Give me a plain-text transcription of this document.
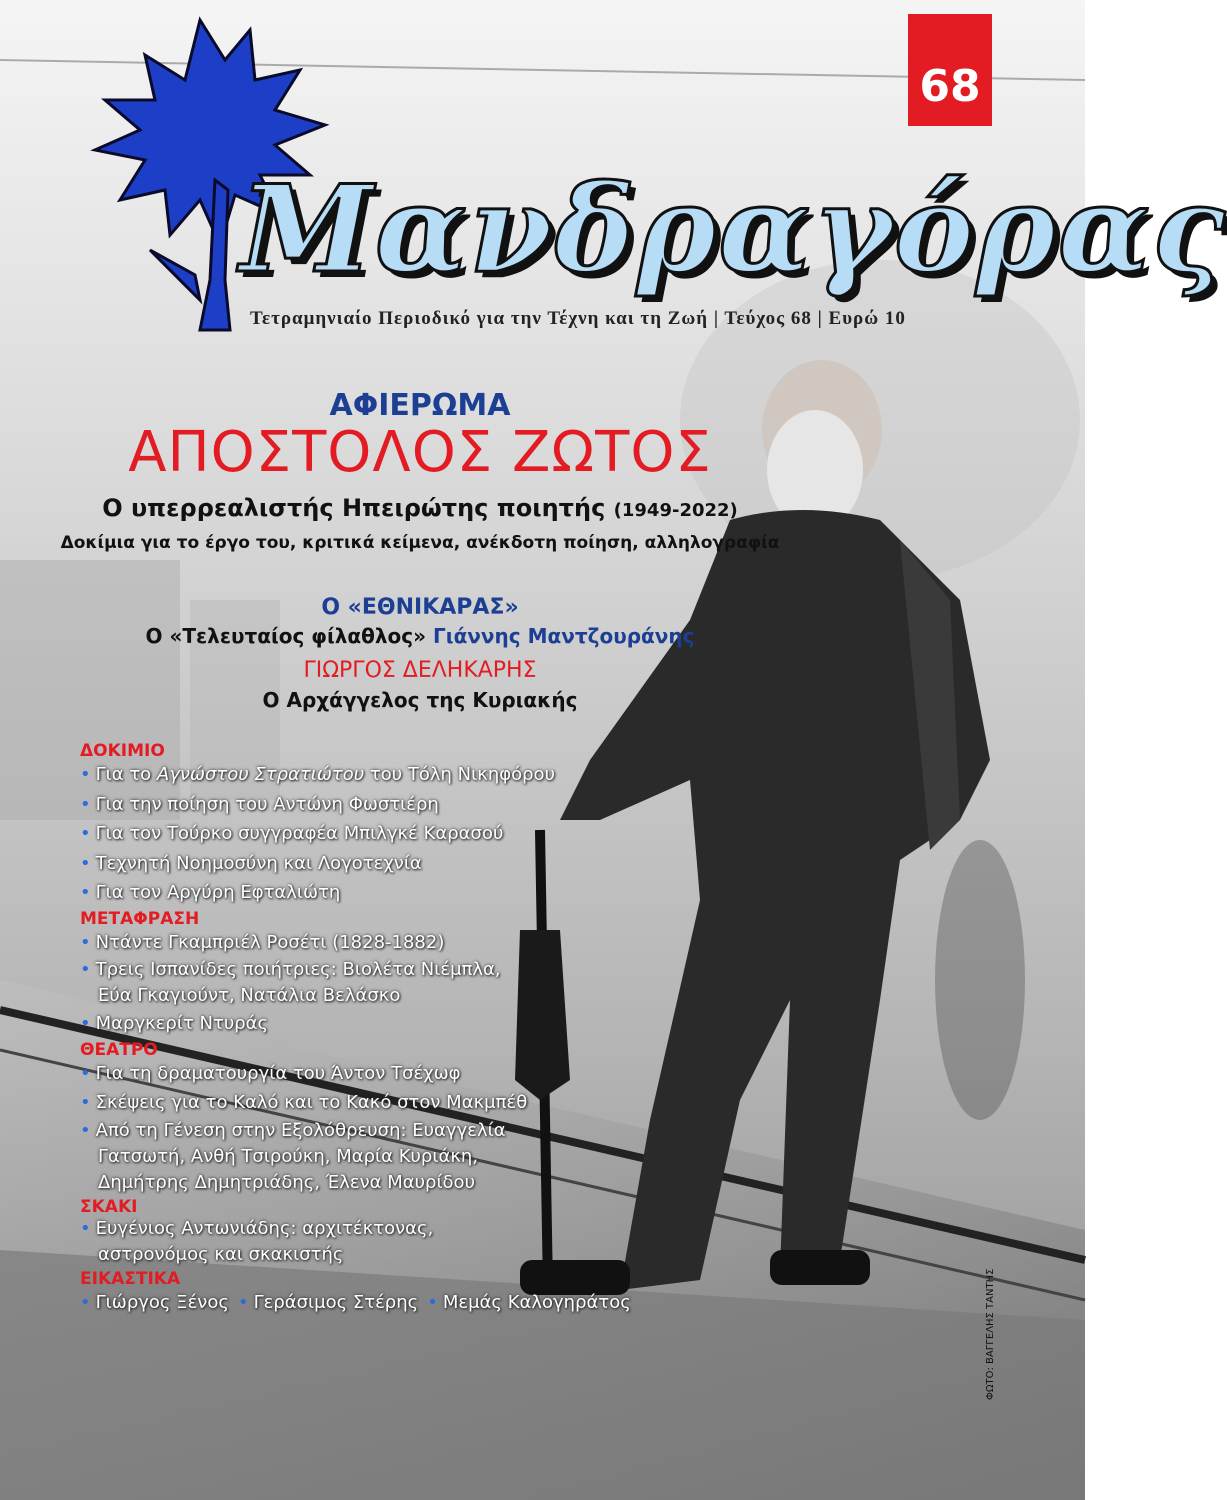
68
Μανδραγόρας
Τετραμηνιαίο Περιοδικό για την Τέχνη και τη Ζωή | Τεύχος 68 | Ευρώ 10
ΑΦΙΕΡΩΜΑ
ΑΠΟΣΤΟΛΟΣ ΖΩΤΟΣ
Ο υπερρεαλιστής Ηπειρώτης ποιητής (1949-2022)
Δοκίμια για το έργο του, κριτικά κείμενα, ανέκδοτη ποίηση, αλληλογραφία
Ο «ΕΘΝΙΚΑΡΑΣ»
Ο «Τελευταίος φίλαθλος» Γιάννης Μαντζουράνης
ΓΙΩΡΓΟΣ ΔΕΛΗΚΑΡΗΣ
Ο Αρχάγγελος της Κυριακής
ΔΟΚΙΜΙΟ
• Για το Αγνώστου Στρατιώτου του Τόλη Νικηφόρου
• Για την ποίηση του Αντώνη Φωστιέρη
• Για τον Τούρκο συγγραφέα Μπιλγκέ Καρασού
• Τεχνητή Νοημοσύνη και Λογοτεχνία
• Για τον Αργύρη Εφταλιώτη
ΜΕΤΑΦΡΑΣΗ
• Ντάντε Γκαμπριέλ Ροσέτι (1828-1882)
• Τρεις Ισπανίδες ποιήτριες: Βιολέτα Νιέμπλα, Εύα Γκαγιούντ, Νατάλια Βελάσκο
• Μαργκερίτ Ντυράς
ΘΕΑΤΡΟ
• Για τη δραματουργία του Άντον Τσέχωφ
• Σκέψεις για το Καλό και το Κακό στον Μακμπέθ
• Από τη Γένεση στην Εξολόθρευση: Ευαγγελία Γατσωτή, Ανθή Τσιρούκη, Μαρία Κυριάκη, Δημήτρης Δημητριάδης, Έλενα Μαυρίδου
ΣΚΑΚΙ
• Ευγένιος Αντωνιάδης: αρχιτέκτονας, αστρονόμος και σκακιστής
ΕΙΚΑΣΤΙΚΑ
• Γιώργος Ξένος • Γεράσιμος Στέρης • Μεμάς Καλογηράτος	ΦΩΤΟ: ΒΑΓΓΕΛΗΣ ΤΑΝΤΗΣ
